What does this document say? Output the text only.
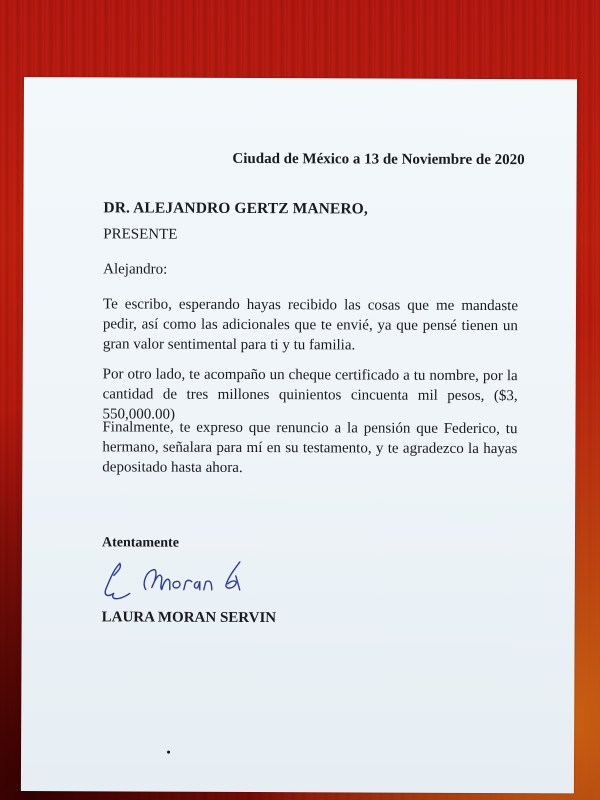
Ciudad de México a 13 de Noviembre de 2020
DR. ALEJANDRO GERTZ MANERO,
PRESENTE
Alejandro:

Te escribo, esperando hayas recibido las cosas que me mandaste pedir, así como las adicionales que te envié, ya que pensé tienen un gran valor sentimental para ti y tu familia.

Por otro lado, te acompaño un cheque certificado a tu nombre, por la cantidad de tres millones quinientos cincuenta mil pesos, ($3, 550,000.00)

Finalmente, te expreso que renuncio a la pensión que Federico, tu hermano, señalara para mí en su testamento, y te agradezco la hayas depositado hasta ahora.

Atentamente
LAURA MORAN SERVIN
